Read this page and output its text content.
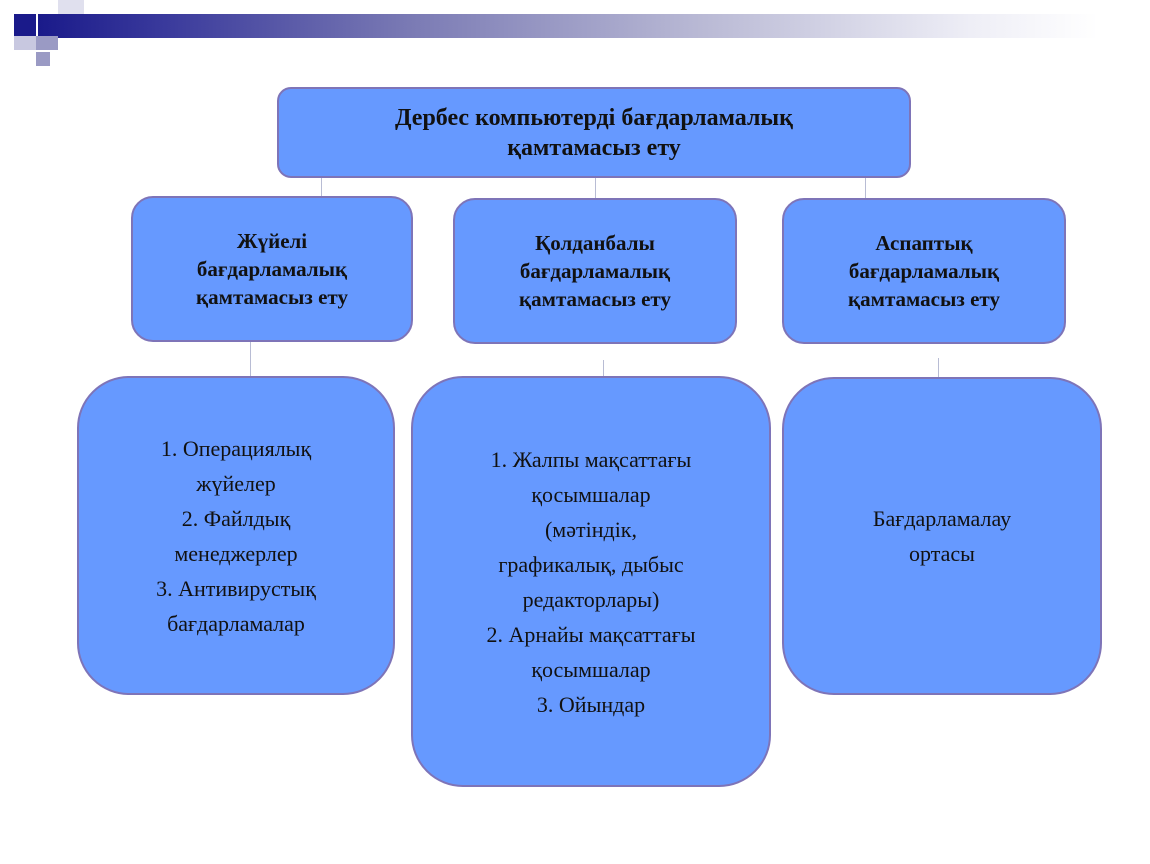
Дербес компьютерді бағдарламалық
қамтамасыз ету
Жүйелі
бағдарламалық
қамтамасыз ету
Қолданбалы
бағдарламалық
қамтамасыз ету
Аспаптық
бағдарламалық
қамтамасыз ету
Операциялық
жүйелер
Файлдық
менеджерлер
Антивирустық
бағдарламалар
Жалпы мақсаттағы
қосымшалар
(мәтіндік,
графикалық, дыбыс
редакторлары)
Арнайы мақсаттағы
қосымшалар
Ойындар
Бағдарламалау
ортасы
